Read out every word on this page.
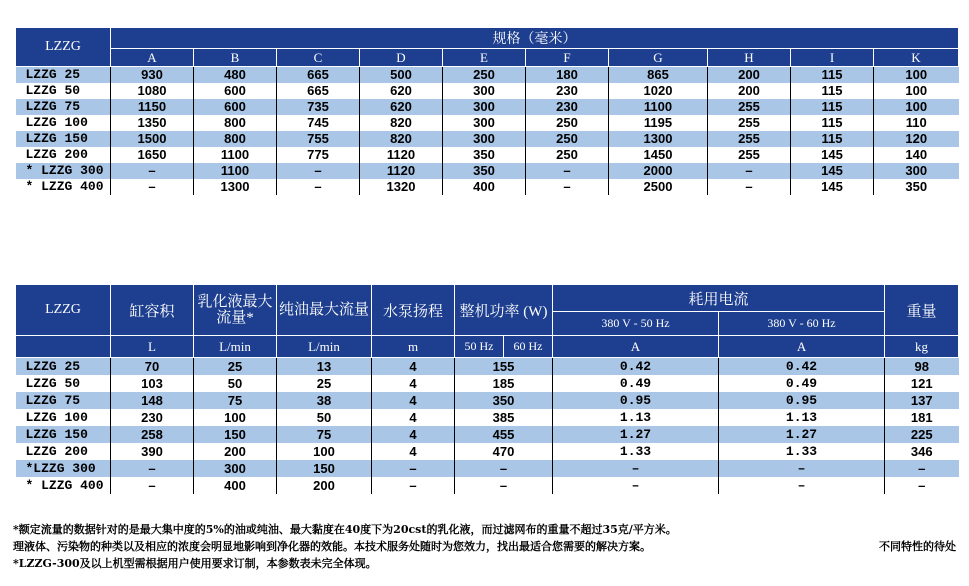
LZZG	规格（毫米）									
	A	B	C	D	E	F	G	H	I	K
LZZG 25	930	480	665	500	250	180	865	200	115	100
LZZG 50	1080	600	665	620	300	230	1020	200	115	100
LZZG 75	1150	600	735	620	300	230	1100	255	115	100
LZZG 100	1350	800	745	820	300	250	1195	255	115	110
LZZG 150	1500	800	755	820	300	250	1300	255	115	120
LZZG 200	1650	1100	775	1120	350	250	1450	255	145	140
* LZZG 300	–	1100	–	1120	350	–	2000	–	145	300
* LZZG 400	–	1300	–	1320	400	–	2500	–	145	350
LZZG	缸容积	乳化液最大流量*	纯油最大流量	水泵扬程	整机功率 (W)		耗用电流		重量
							380 V - 50 Hz	380 V - 60 Hz	
	L	L/min	L/min	m	50 Hz	60 Hz	A	A	kg
LZZG 25	70	25	13	4	155		0.42	0.42	98
LZZG 50	103	50	25	4	185		0.49	0.49	121
LZZG 75	148	75	38	4	350		0.95	0.95	137
LZZG 100	230	100	50	4	385		1.13	1.13	181
LZZG 150	258	150	75	4	455		1.27	1.27	225
LZZG 200	390	200	100	4	470		1.33	1.33	346
*LZZG 300	–	300	150	–	–		–	–	–
* LZZG 400	–	400	200	–	–		–	–	–
*额定流量的数据针对的是最大集中度的5%的油或纯油、最大黏度在40度下为20cst的乳化液，而过滤网布的重量不超过35克/平方米。
理液体、污染物的种类以及相应的浓度会明显地影响到净化器的效能。本技术服务处随时为您效力，找出最适合您需要的解决方案。	不同特性的待处
*LZZG-300及以上机型需根据用户使用要求订制，本参数表未完全体现。
